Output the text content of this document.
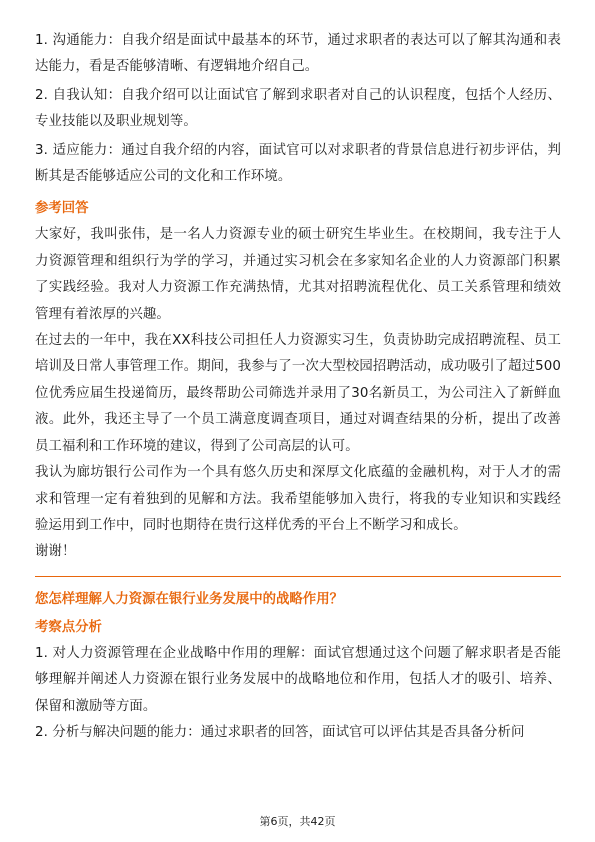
1. 沟通能力：自我介绍是面试中最基本的环节，通过求职者的表达可以了解其沟通和表达能力，看是否能够清晰、有逻辑地介绍自己。

2. 自我认知：自我介绍可以让面试官了解到求职者对自己的认识程度，包括个人经历、专业技能以及职业规划等。

3. 适应能力：通过自我介绍的内容，面试官可以对求职者的背景信息进行初步评估，判断其是否能够适应公司的文化和工作环境。

参考回答

大家好，我叫张伟，是一名人力资源专业的硕士研究生毕业生。在校期间，我专注于人力资源管理和组织行为学的学习，并通过实习机会在多家知名企业的人力资源部门积累了实践经验。我对人力资源工作充满热情，尤其对招聘流程优化、员工关系管理和绩效管理有着浓厚的兴趣。

在过去的一年中，我在XX科技公司担任人力资源实习生，负责协助完成招聘流程、员工培训及日常人事管理工作。期间，我参与了一次大型校园招聘活动，成功吸引了超过500位优秀应届生投递简历，最终帮助公司筛选并录用了30名新员工，为公司注入了新鲜血液。此外，我还主导了一个员工满意度调查项目，通过对调查结果的分析，提出了改善员工福利和工作环境的建议，得到了公司高层的认可。

我认为廊坊银行公司作为一个具有悠久历史和深厚文化底蕴的金融机构，对于人才的需求和管理一定有着独到的见解和方法。我希望能够加入贵行，将我的专业知识和实践经验运用到工作中，同时也期待在贵行这样优秀的平台上不断学习和成长。

谢谢！

您怎样理解人力资源在银行业务发展中的战略作用？
考察点分析

1. 对人力资源管理在企业战略中作用的理解：面试官想通过这个问题了解求职者是否能够理解并阐述人力资源在银行业务发展中的战略地位和作用，包括人才的吸引、培养、保留和激励等方面。

2. 分析与解决问题的能力：通过求职者的回答，面试官可以评估其是否具备分析问

第6页，共42页
